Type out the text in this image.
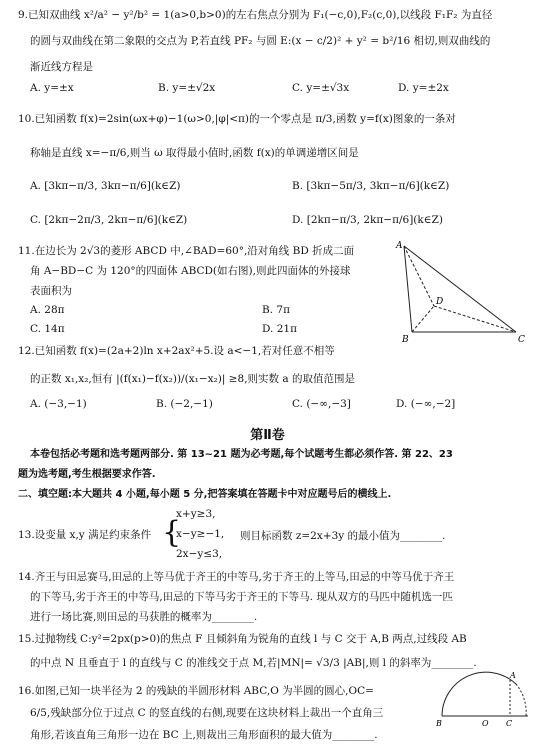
9.已知双曲线 x²/a² − y²/b² = 1(a>0,b>0)的左右焦点分别为 F₁(−c,0),F₂(c,0),以线段 F₁F₂ 为直径
的圆与双曲线在第二象限的交点为 P,若直线 PF₂ 与圆 E:(x − c/2)² + y² = b²/16 相切,则双曲线的
渐近线方程是
A. y=±x	B. y=±√2x	C. y=±√3x	D. y=±2x
10.已知函数 f(x)=2sin(ωx+φ)−1(ω>0,|φ|<π)的一个零点是 π/3,函数 y=f(x)图象的一条对
称轴是直线 x=−π/6,则当 ω 取得最小值时,函数 f(x)的单调递增区间是
A. [3kπ−π/3, 3kπ−π/6](k∈Z)	B. [3kπ−5π/3, 3kπ−π/6](k∈Z)
C. [2kπ−2π/3, 2kπ−π/6](k∈Z)	D. [2kπ−π/3, 2kπ−π/6](k∈Z)
11.在边长为 2√3的菱形 ABCD 中,∠BAD=60°,沿对角线 BD 折成二面
角 A−BD−C 为 120°的四面体 ABCD(如右图),则此四面体的外接球
表面积为
A. 28π	B. 7π
C. 14π	D. 21π
A
B	C
D
12.已知函数 f(x)=(2a+2)ln x+2ax²+5.设 a<−1,若对任意不相等
的正数 x₁,x₂,恒有 |(f(x₁)−f(x₂))/(x₁−x₂)| ≥8,则实数 a 的取值范围是
A. (−3,−1)	B. (−2,−1)	C. (−∞,−3]	D. (−∞,−2]
第Ⅱ卷
本卷包括必考题和选考题两部分. 第 13~21 题为必考题,每个试题考生都必须作答. 第 22、23
题为选考题,考生根据要求作答.
二、填空题:本大题共 4 小题,每小题 5 分,把答案填在答题卡中对应题号后的横线上.
13.设变量 x,y 满足约束条件 {
x+y≥3,
x−y≥−1,
2x−y≤3,
则目标函数 z=2x+3y 的最小值为________.
14.齐王与田忌赛马,田忌的上等马优于齐王的中等马,劣于齐王的上等马,田忌的中等马优于齐王
的下等马,劣于齐王的中等马,田忌的下等马劣于齐王的下等马. 现从双方的马匹中随机选一匹
进行一场比赛,则田忌的马获胜的概率为________.
15.过抛物线 C:y²=2px(p>0)的焦点 F 且倾斜角为锐角的直线 l 与 C 交于 A,B 两点,过线段 AB
的中点 N 且垂直于 l 的直线与 C 的准线交于点 M,若|MN|= √3/3 |AB|,则 l 的斜率为________.
16.如图,已知一块半径为 2 的残缺的半圆形材料 ABC,O 为半圆的圆心,OC=
6/5,残缺部分位于过点 C 的竖直线的右侧,现要在这块材料上裁出一个直角三
角形,若该直角三角形一边在 BC 上,则裁出三角形面积的最大值为________.
A
B	O C
